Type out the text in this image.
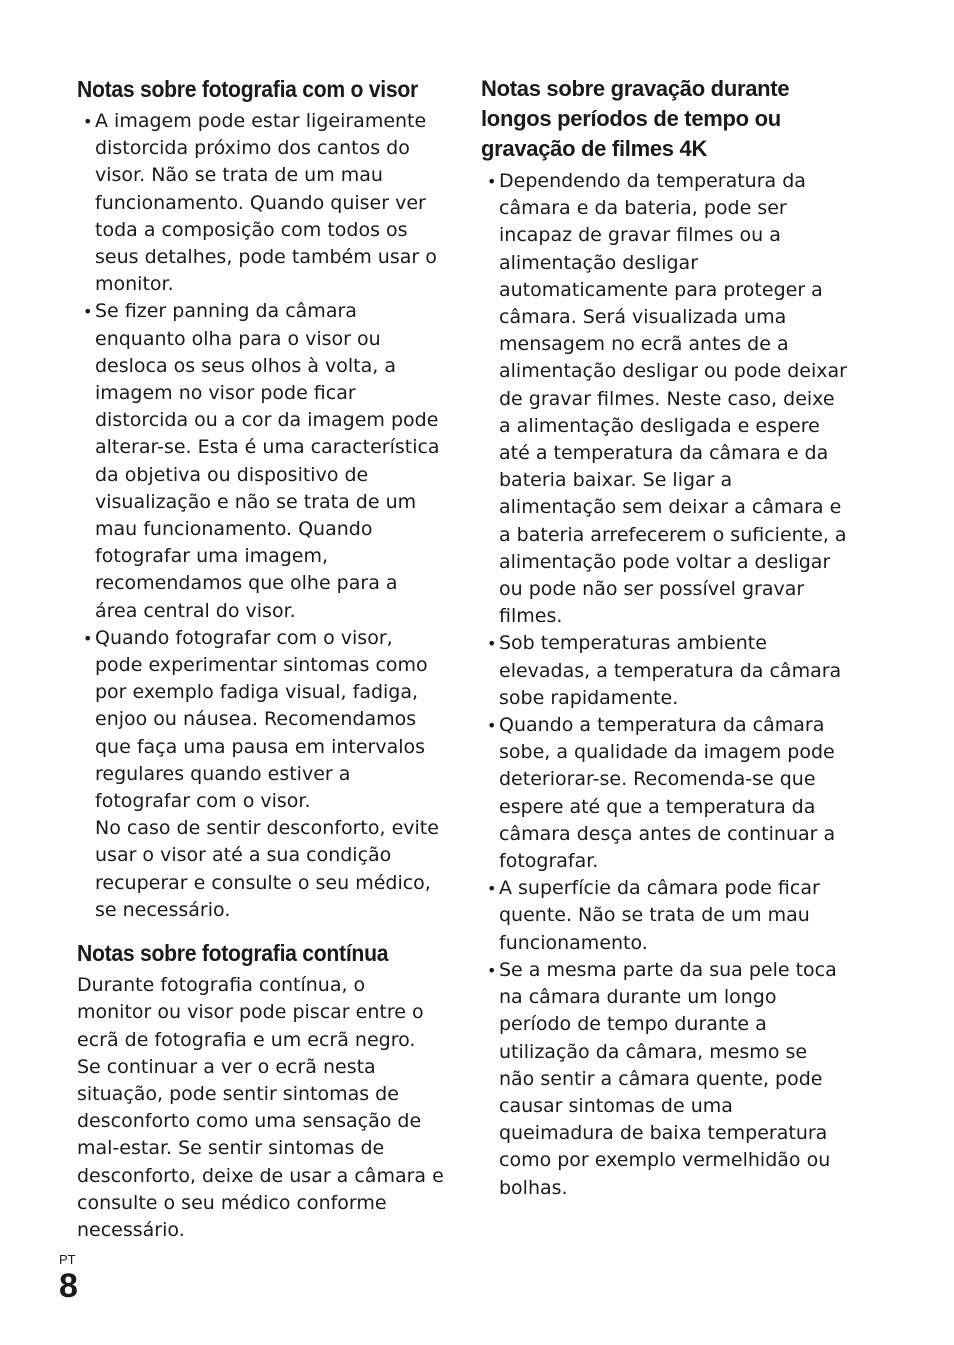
Notas sobre fotografia com o visor
• A imagem pode estar ligeiramente distorcida próximo dos cantos do visor. Não se trata de um mau funcionamento. Quando quiser ver toda a composição com todos os seus detalhes, pode também usar o monitor.
• Se fizer panning da câmara enquanto olha para o visor ou desloca os seus olhos à volta, a imagem no visor pode ficar distorcida ou a cor da imagem pode alterar-se. Esta é uma característica da objetiva ou dispositivo de visualização e não se trata de um mau funcionamento. Quando fotografar uma imagem, recomendamos que olhe para a área central do visor.
• Quando fotografar com o visor, pode experimentar sintomas como por exemplo fadiga visual, fadiga, enjoo ou náusea. Recomendamos que faça uma pausa em intervalos regulares quando estiver a fotografar com o visor.
No caso de sentir desconforto, evite usar o visor até a sua condição recuperar e consulte o seu médico, se necessário.
Notas sobre fotografia contínua

Durante fotografia contínua, o monitor ou visor pode piscar entre o ecrã de fotografia e um ecrã negro. Se continuar a ver o ecrã nesta situação, pode sentir sintomas de desconforto como uma sensação de mal-estar. Se sentir sintomas de desconforto, deixe de usar a câmara e consulte o seu médico conforme necessário.

Notas sobre gravação durante longos períodos de tempo ou gravação de filmes 4K
• Dependendo da temperatura da câmara e da bateria, pode ser incapaz de gravar filmes ou a alimentação desligar automaticamente para proteger a câmara. Será visualizada uma mensagem no ecrã antes de a alimentação desligar ou pode deixar de gravar filmes. Neste caso, deixe a alimentação desligada e espere até a temperatura da câmara e da bateria baixar. Se ligar a alimentação sem deixar a câmara e a bateria arrefecerem o suficiente, a alimentação pode voltar a desligar ou pode não ser possível gravar filmes.
• Sob temperaturas ambiente elevadas, a temperatura da câmara sobe rapidamente.
• Quando a temperatura da câmara sobe, a qualidade da imagem pode deteriorar-se. Recomenda-se que espere até que a temperatura da câmara desça antes de continuar a fotografar.
• A superfície da câmara pode ficar quente. Não se trata de um mau funcionamento.
• Se a mesma parte da sua pele toca na câmara durante um longo período de tempo durante a utilização da câmara, mesmo se não sentir a câmara quente, pode causar sintomas de uma queimadura de baixa temperatura como por exemplo vermelhidão ou bolhas.
PT
8
